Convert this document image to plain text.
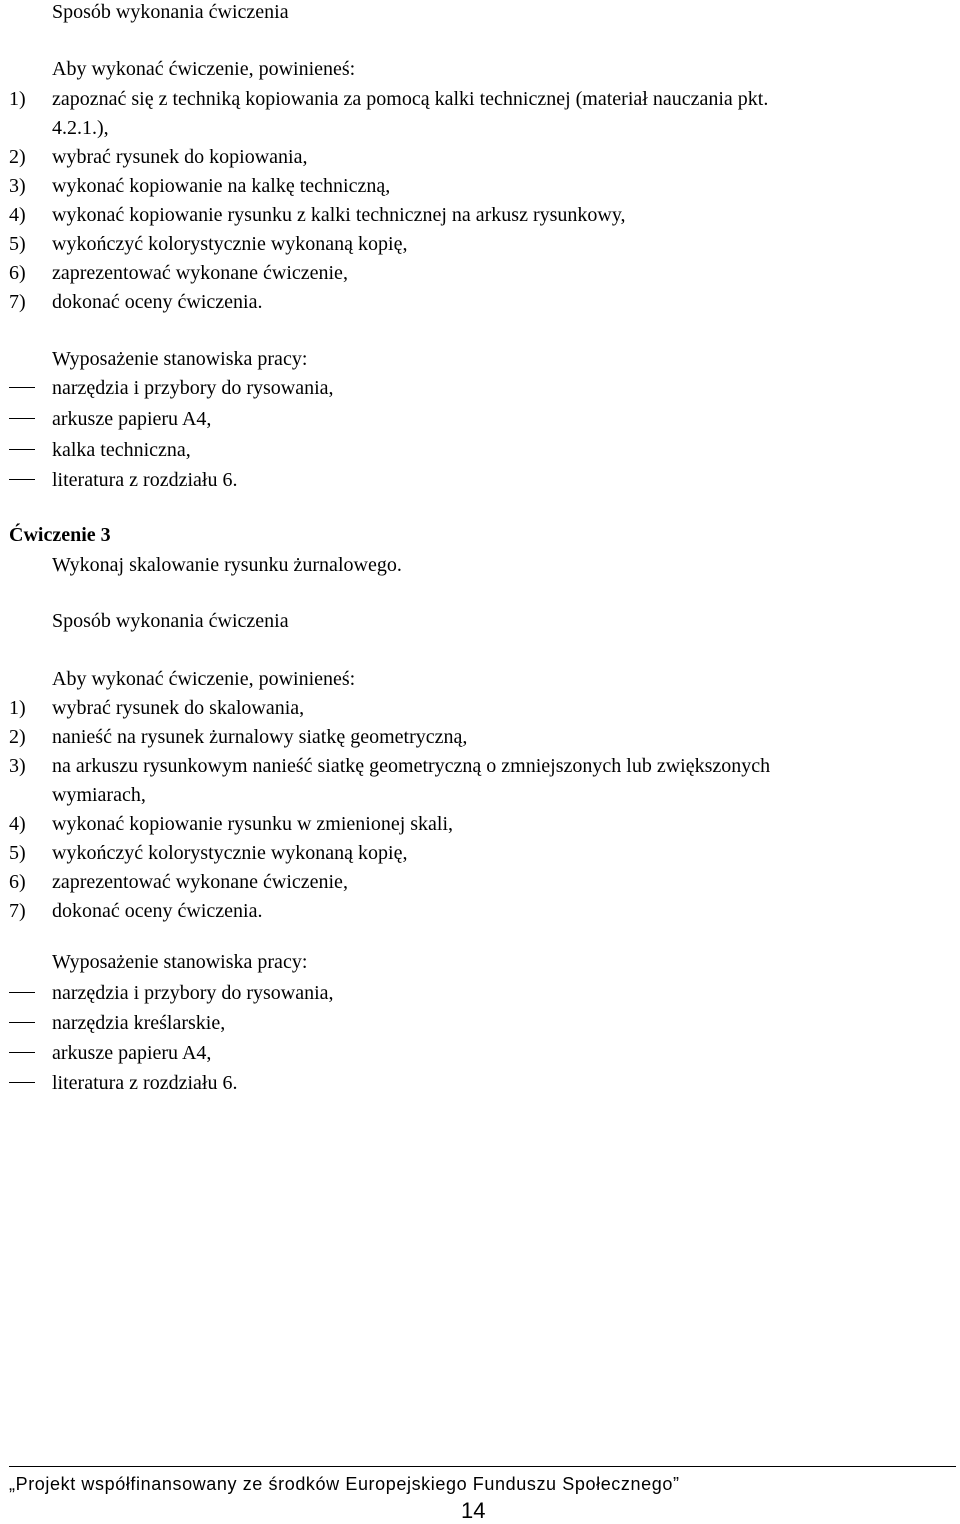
Sposób wykonania ćwiczenia
Aby wykonać ćwiczenie, powinieneś:
1) zapoznać się z techniką kopiowania za pomocą kalki technicznej (materiał nauczania pkt.
4.2.1.),
2) wybrać rysunek do kopiowania,
3) wykonać kopiowanie na kalkę techniczną,
4) wykonać kopiowanie rysunku z kalki technicznej na arkusz rysunkowy,
5) wykończyć kolorystycznie wykonaną kopię,
6) zaprezentować wykonane ćwiczenie,
7) dokonać oceny ćwiczenia.
Wyposażenie stanowiska pracy:
narzędzia i przybory do rysowania,
arkusze papieru A4,
kalka techniczna,
literatura z rozdziału 6.
Ćwiczenie 3
Wykonaj skalowanie rysunku żurnalowego.
Sposób wykonania ćwiczenia
Aby wykonać ćwiczenie, powinieneś:
1) wybrać rysunek do skalowania,
2) nanieść na rysunek żurnalowy siatkę geometryczną,
3) na arkuszu rysunkowym nanieść siatkę geometryczną o zmniejszonych lub zwiększonych
wymiarach,
4) wykonać kopiowanie rysunku w zmienionej skali,
5) wykończyć kolorystycznie wykonaną kopię,
6) zaprezentować wykonane ćwiczenie,
7) dokonać oceny ćwiczenia.
Wyposażenie stanowiska pracy:
narzędzia i przybory do rysowania,
narzędzia kreślarskie,
arkusze papieru A4,
literatura z rozdziału 6.
„Projekt współfinansowany ze środków Europejskiego Funduszu Społecznego”
14
